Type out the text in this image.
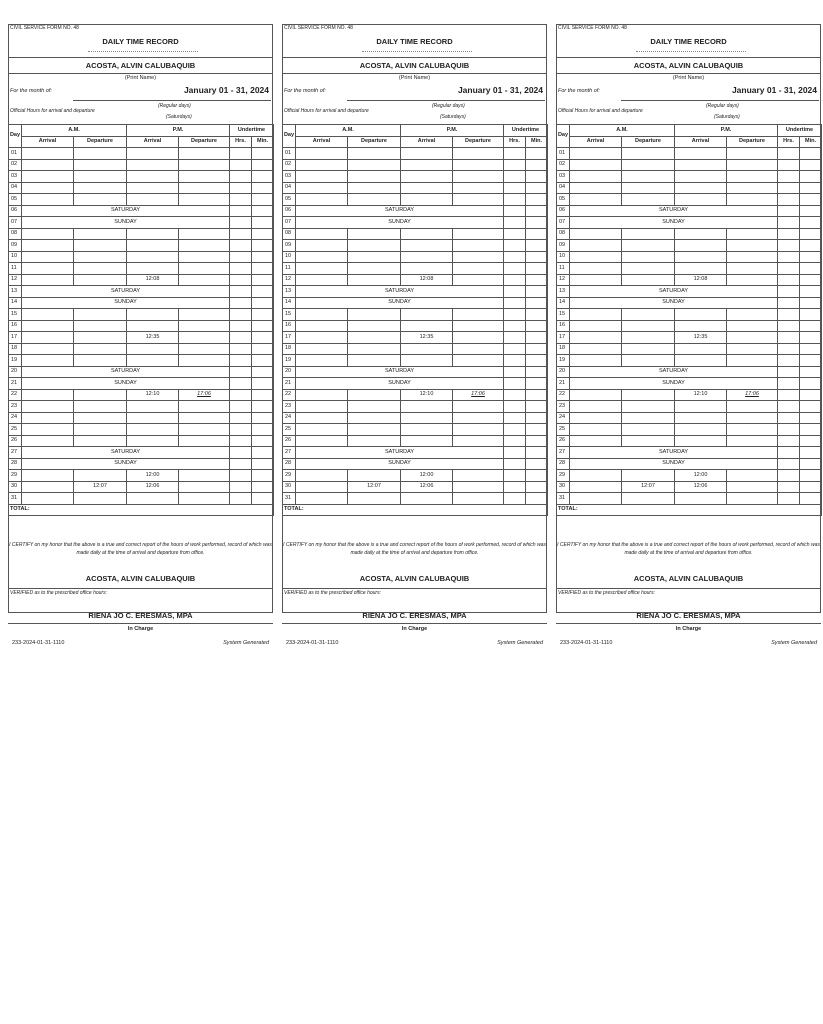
CIVIL SERVICE FORM NO. 48
DAILY TIME RECORD
ACOSTA, ALVIN CALUBAQUIB
(Print Name)
For the month of:	January 01 - 31, 2024
(Regular days)
Official Hours for arrival and departure
(Saturdays)
Day	A.M.		P.M.		Undertime	
	Arrival	Departure	Arrival	Departure	Hrs.	Min.
01						
02						
03						
04						
05						
06	SATURDAY					
07	SUNDAY					
08						
09						
10						
11						
12			12:08			
13	SATURDAY					
14	SUNDAY					
15						
16						
17			12:35			
18						
19						
20	SATURDAY					
21	SUNDAY					
22			12:10	17:06		
23						
24						
25						
26						
27	SATURDAY					
28	SUNDAY					
29			12:00			
30		12:07	12:06			
31						
TOTAL:						
I CERTIFY on my honor that the above is a true and correct report of the hours of work performed, record of which was made daily at the time of arrival and departure from office.
ACOSTA, ALVIN CALUBAQUIB
VERIFIED as to the prescribed office hours:
RIENA JO C. ERESMAS, MPA
In Charge
233-2024-01-31-1110	System Generated
CIVIL SERVICE FORM NO. 48
DAILY TIME RECORD
ACOSTA, ALVIN CALUBAQUIB
(Print Name)
For the month of:	January 01 - 31, 2024
(Regular days)
Official Hours for arrival and departure
(Saturdays)
Day	A.M.		P.M.		Undertime	
	Arrival	Departure	Arrival	Departure	Hrs.	Min.
01						
02						
03						
04						
05						
06	SATURDAY					
07	SUNDAY					
08						
09						
10						
11						
12			12:08			
13	SATURDAY					
14	SUNDAY					
15						
16						
17			12:35			
18						
19						
20	SATURDAY					
21	SUNDAY					
22			12:10	17:06		
23						
24						
25						
26						
27	SATURDAY					
28	SUNDAY					
29			12:00			
30		12:07	12:06			
31						
TOTAL:						
I CERTIFY on my honor that the above is a true and correct report of the hours of work performed, record of which was made daily at the time of arrival and departure from office.
ACOSTA, ALVIN CALUBAQUIB
VERIFIED as to the prescribed office hours:
RIENA JO C. ERESMAS, MPA
In Charge
233-2024-01-31-1110	System Generated
CIVIL SERVICE FORM NO. 48
DAILY TIME RECORD
ACOSTA, ALVIN CALUBAQUIB
(Print Name)
For the month of:	January 01 - 31, 2024
(Regular days)
Official Hours for arrival and departure
(Saturdays)
Day	A.M.		P.M.		Undertime	
	Arrival	Departure	Arrival	Departure	Hrs.	Min.
01						
02						
03						
04						
05						
06	SATURDAY					
07	SUNDAY					
08						
09						
10						
11						
12			12:08			
13	SATURDAY					
14	SUNDAY					
15						
16						
17			12:35			
18						
19						
20	SATURDAY					
21	SUNDAY					
22			12:10	17:06		
23						
24						
25						
26						
27	SATURDAY					
28	SUNDAY					
29			12:00			
30		12:07	12:06			
31						
TOTAL:						
I CERTIFY on my honor that the above is a true and correct report of the hours of work performed, record of which was made daily at the time of arrival and departure from office.
ACOSTA, ALVIN CALUBAQUIB
VERIFIED as to the prescribed office hours:
RIENA JO C. ERESMAS, MPA
In Charge
233-2024-01-31-1110	System Generated
